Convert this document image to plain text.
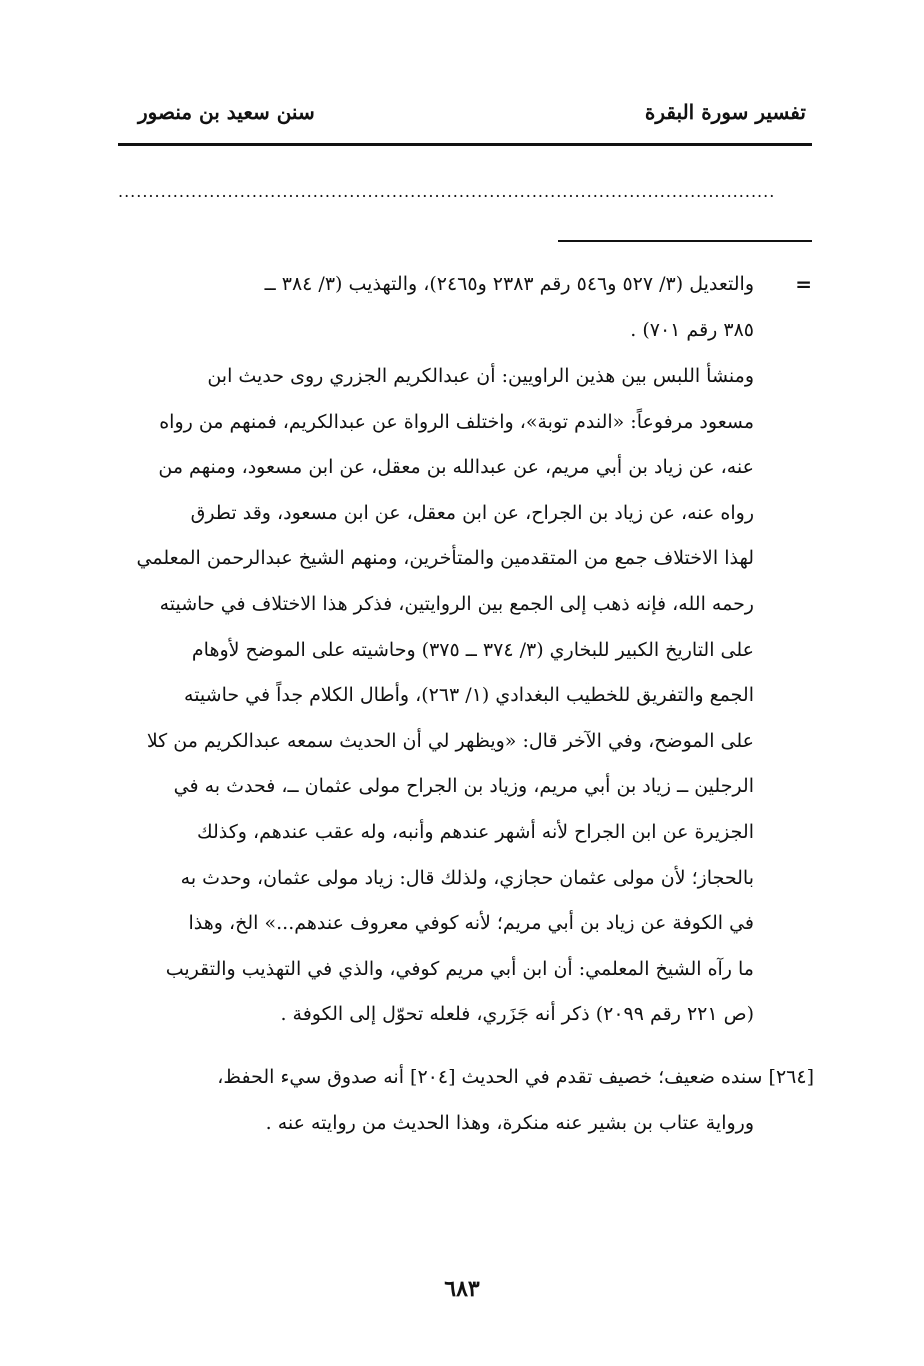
تفسير سورة البقرة
سنن سعيد بن منصور
............................................................................................................
=
والتعديل (٣/ ٥٢٧ و٥٤٦ رقم ٢٣٨٣ و٢٤٦٥)، والتهذيب (٣/ ٣٨٤ ــ
٣٨٥ رقم ٧٠١) .
ومنشأ اللبس بين هذين الراويين: أن عبدالكريم الجزري روى حديث ابن
مسعود مرفوعاً: «الندم توبة»، واختلف الرواة عن عبدالكريم، فمنهم من رواه
عنه، عن زياد بن أبي مريم، عن عبدالله بن معقل، عن ابن مسعود، ومنهم من
رواه عنه، عن زياد بن الجراح، عن ابن معقل، عن ابن مسعود، وقد تطرق
لهذا الاختلاف جمع من المتقدمين والمتأخرين، ومنهم الشيخ عبدالرحمن المعلمي
رحمه الله، فإنه ذهب إلى الجمع بين الروايتين، فذكر هذا الاختلاف في حاشيته
على التاريخ الكبير للبخاري (٣/ ٣٧٤ ــ ٣٧٥) وحاشيته على الموضح لأوهام
الجمع والتفريق للخطيب البغدادي (١/ ٢٦٣)، وأطال الكلام جداً في حاشيته
على الموضح، وفي الآخر قال: «ويظهر لي أن الحديث سمعه عبدالكريم من كلا
الرجلين ــ زياد بن أبي مريم، وزياد بن الجراح مولى عثمان ــ، فحدث به في
الجزيرة عن ابن الجراح لأنه أشهر عندهم وأنبه، وله عقب عندهم، وكذلك
بالحجاز؛ لأن مولى عثمان حجازي، ولذلك قال: زياد مولى عثمان، وحدث به
في الكوفة عن زياد بن أبي مريم؛ لأنه كوفي معروف عندهم...» الخ، وهذا
ما رآه الشيخ المعلمي: أن ابن أبي مريم كوفي، والذي في التهذيب والتقريب
(ص ٢٢١ رقم ٢٠٩٩) ذكر أنه جَزَري، فلعله تحوّل إلى الكوفة .
[٢٦٤] سنده ضعيف؛ خصيف تقدم في الحديث [٢٠٤] أنه صدوق سيء الحفظ،
ورواية عتاب بن بشير عنه منكرة، وهذا الحديث من روايته عنه .
٦٨٣
